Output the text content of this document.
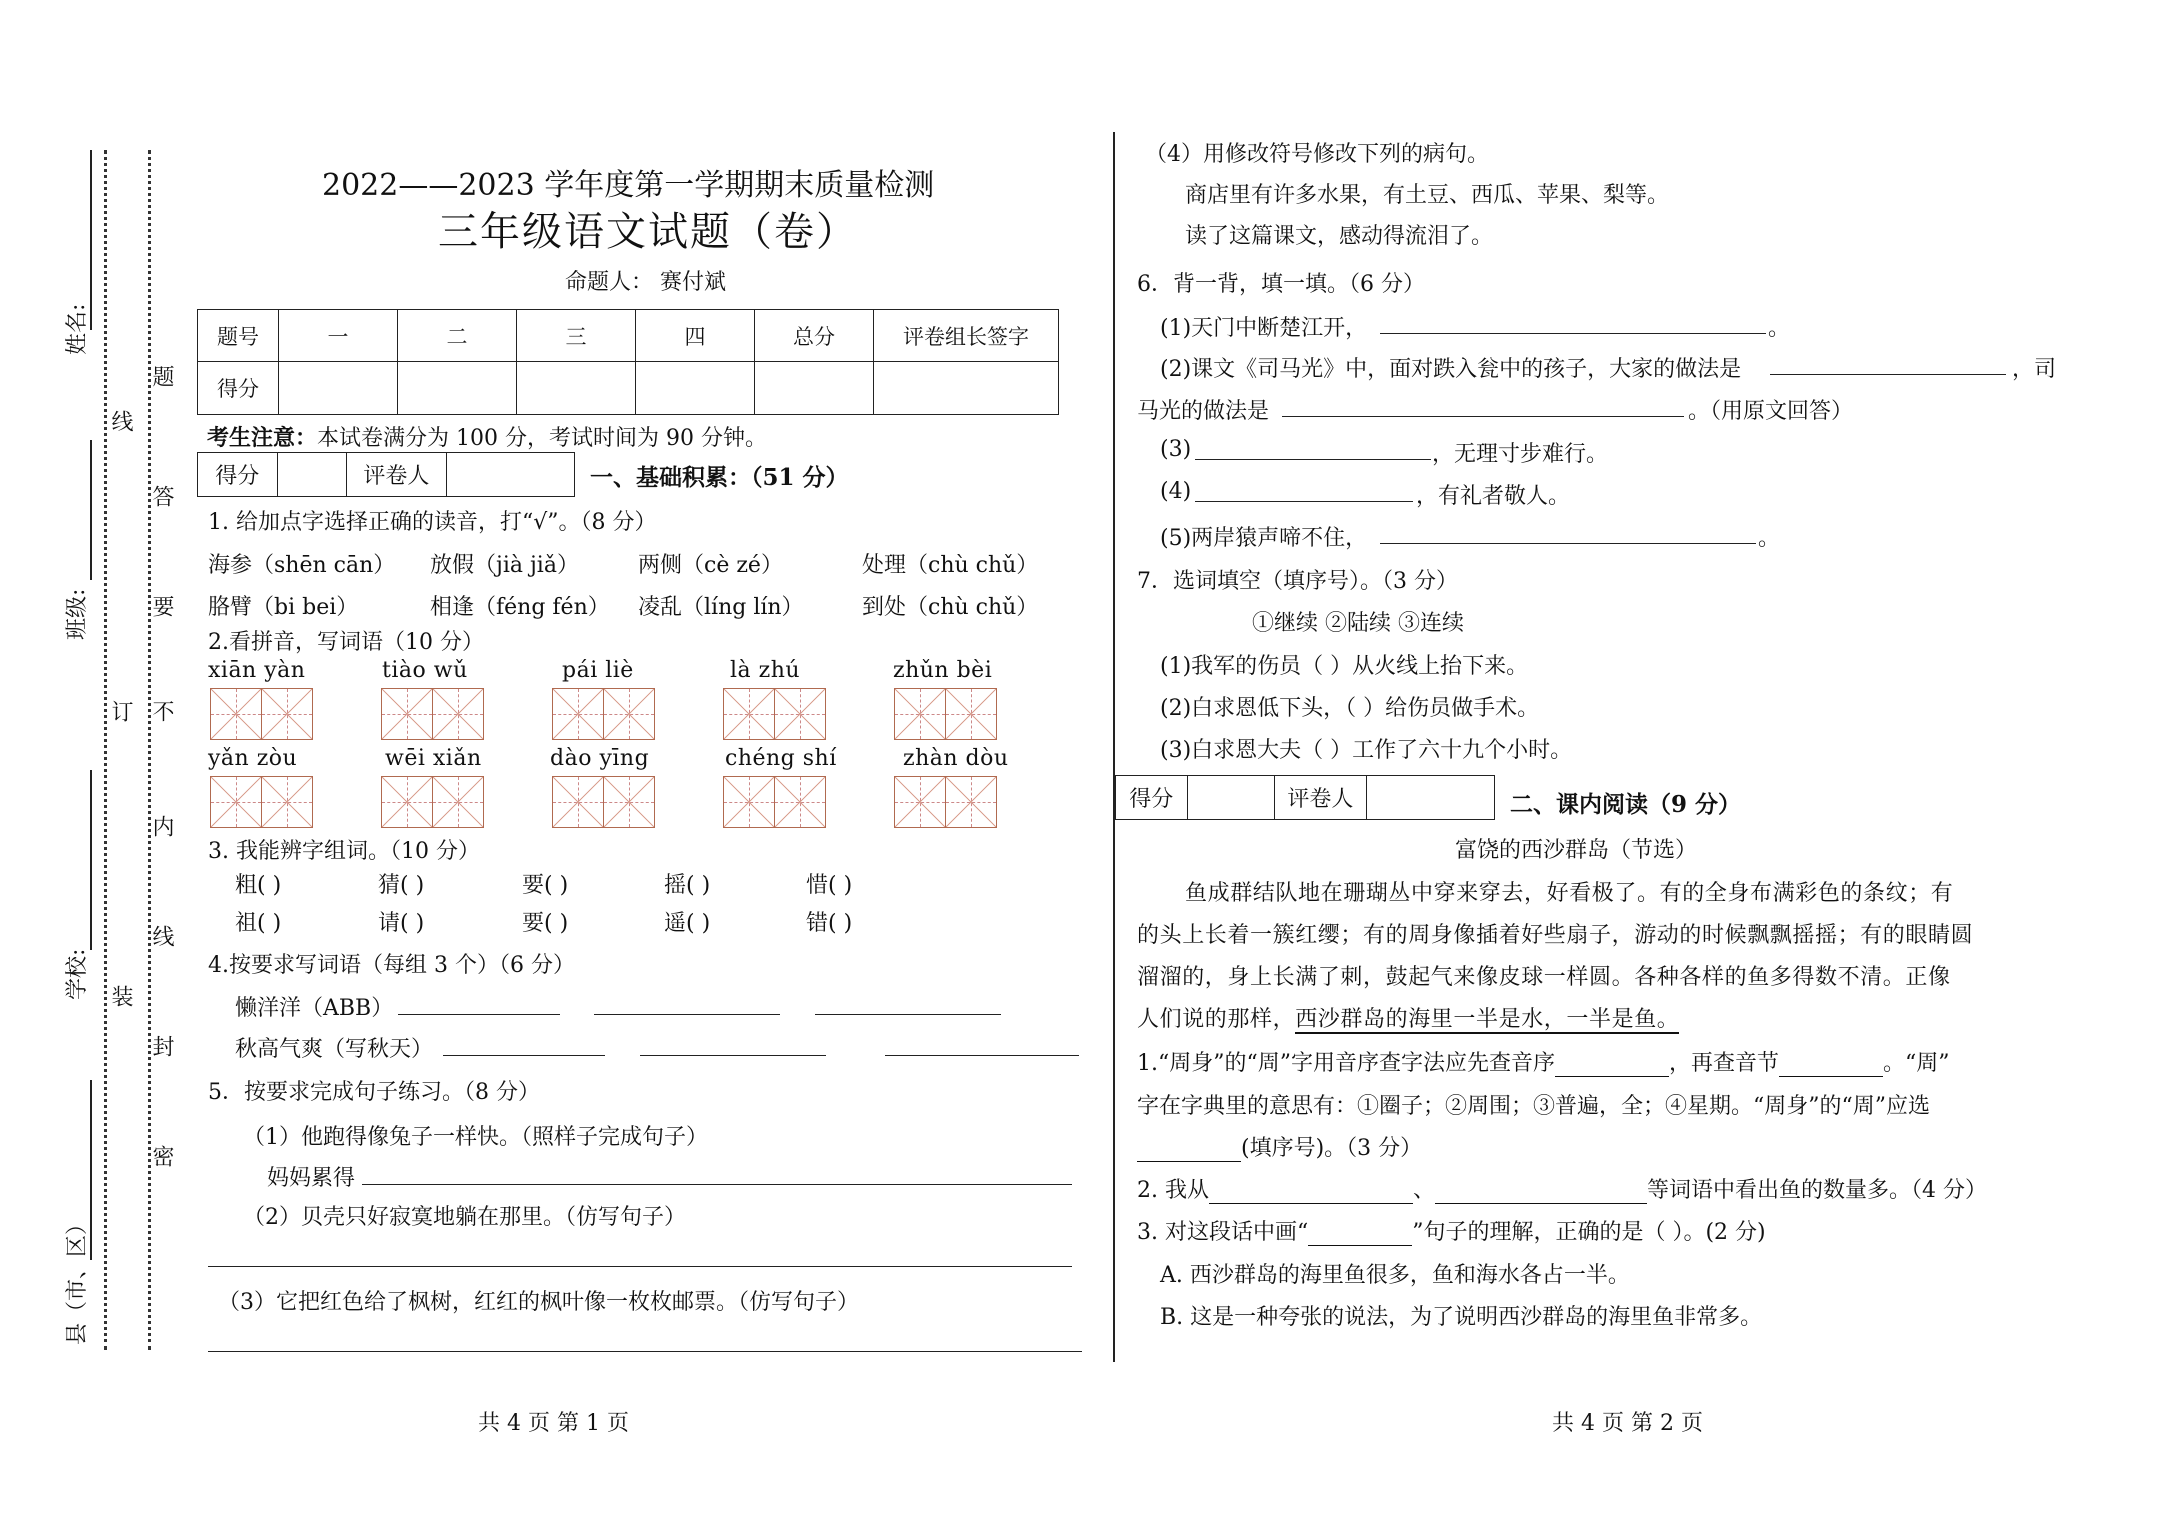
姓名:
班级:
学校:
县（市、区）
线
订
装
题
答
要
不
内
线
封
密
2022——2023 学年度第一学期期末质量检测
三年级语文试题（卷）
命题人： 赛付斌
题号	一	二	三	四	总分	评卷组长签字
得分						
考生注意：本试卷满分为 100 分，考试时间为 90 分钟。
得分	评卷人	一、基础积累：（51 分）
1. 给加点字选择正确的读音，打“√”。（8 分）
海参（shēn cān） 放假（jià jiǎ）	两侧（cè zé）	处理（chù chǔ）
胳臂（bi bei）	相逢（féng fén） 凌乱（líng lín）	到处（chù chǔ）
2.看拼音，写词语（10 分）
xiān yàn	tiào wǔ	pái liè	là zhú	zhǔn bèi
yǎn zòu	wēi xiǎn	dào yīng	chéng shí	zhàn dòu
3. 我能辨字组词。（10 分）
粗( )	猜( )	要( )	摇( )	惜( )
祖( )	请( )	要( )	遥( )	错( )
4.按要求写词语（每组 3 个）（6 分）
懒洋洋（ABB）
秋高气爽（写秋天）
5．按要求完成句子练习。（8 分）
（1）他跑得像兔子一样快。（照样子完成句子）
妈妈累得
（2）贝壳只好寂寞地躺在那里。（仿写句子）
（3）它把红色给了枫树，红红的枫叶像一枚枚邮票。（仿写句子）
（4）用修改符号修改下列的病句。
商店里有许多水果，有土豆、西瓜、苹果、梨等。
读了这篇课文，感动得流泪了。
6．背一背，填一填。（6 分）
(1)天门中断楚江开，	。
(2)课文《司马光》中，面对跌入瓮中的孩子，大家的做法是	，司
马光的做法是	。（用原文回答）
(3)	，无理寸步难行。
(4)	，有礼者敬人。
(5)两岸猿声啼不住，	。
7．选词填空（填序号）。（3 分）
①继续 ②陆续 ③连续
(1)我军的伤员（ ）从火线上抬下来。
(2)白求恩低下头，（ ）给伤员做手术。
(3)白求恩大夫（ ）工作了六十九个小时。
得分	评卷人	二、课内阅读（9 分）
富饶的西沙群岛（节选）
鱼成群结队地在珊瑚丛中穿来穿去，好看极了。有的全身布满彩色的条纹；有
的头上长着一簇红缨；有的周身像插着好些扇子，游动的时候飘飘摇摇；有的眼睛圆
溜溜的，身上长满了刺，鼓起气来像皮球一样圆。各种各样的鱼多得数不清。正像
人们说的那样，西沙群岛的海里一半是水，一半是鱼。
1.“周身”的“周”字用音序查字法应先查音序	，再查音节	。“周”
字在字典里的意思有：①圈子；②周围；③普遍，全；④星期。“周身”的“周”应选
(填序号)。（3 分）
2. 我从	、	等词语中看出鱼的数量多。（4 分）
3. 对这段话中画“	”句子的理解，正确的是（ ）。(2 分)
A. 西沙群岛的海里鱼很多，鱼和海水各占一半。
B. 这是一种夸张的说法，为了说明西沙群岛的海里鱼非常多。
共 4 页 第 1 页	共 4 页 第 2 页
